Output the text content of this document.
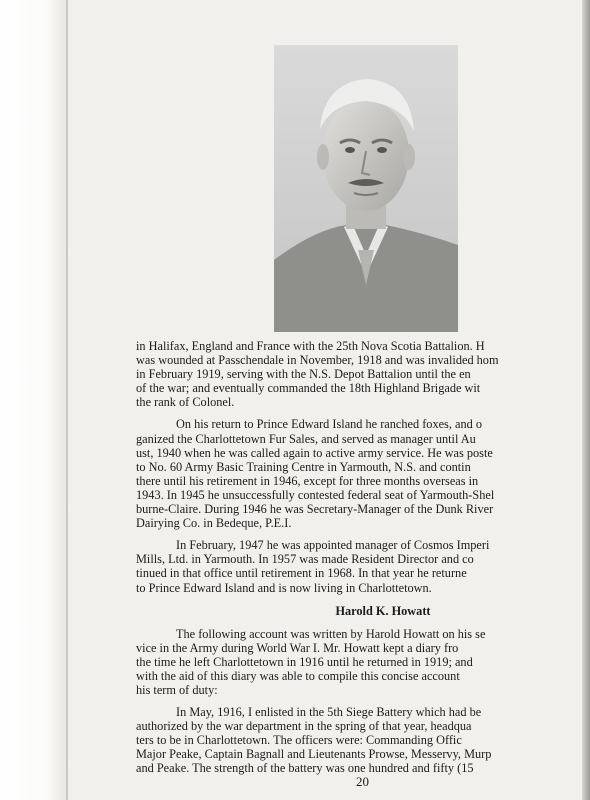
in Halifax, England and France with the 25th Nova Scotia Battalion. H
was wounded at Passchendale in November, 1918 and was invalided hom
in February 1919, serving with the N.S. Depot Battalion until the en
of the war; and eventually commanded the 18th Highland Brigade wit
the rank of Colonel.
On his return to Prince Edward Island he ranched foxes, and o
ganized the Charlottetown Fur Sales, and served as manager until Au
ust, 1940 when he was called again to active army service. He was poste
to No. 60 Army Basic Training Centre in Yarmouth, N.S. and contin
there until his retirement in 1946, except for three months overseas in
1943. In 1945 he unsuccessfully contested federal seat of Yarmouth-Shel
burne-Claire. During 1946 he was Secretary-Manager of the Dunk River
Dairying Co. in Bedeque, P.E.I.
In February, 1947 he was appointed manager of Cosmos Imperi
Mills, Ltd. in Yarmouth. In 1957 was made Resident Director and co
tinued in that office until retirement in 1968. In that year he returne
to Prince Edward Island and is now living in Charlottetown.
Harold K. Howatt
The following account was written by Harold Howatt on his se
vice in the Army during World War I. Mr. Howatt kept a diary fro
the time he left Charlottetown in 1916 until he returned in 1919; and
with the aid of this diary was able to compile this concise account
his term of duty:
In May, 1916, I enlisted in the 5th Siege Battery which had be
authorized by the war department in the spring of that year, headqua
ters to be in Charlottetown. The officers were: Commanding Offic
Major Peake, Captain Bagnall and Lieutenants Prowse, Messervy, Murp
and Peake. The strength of the battery was one hundred and fifty (15
20
